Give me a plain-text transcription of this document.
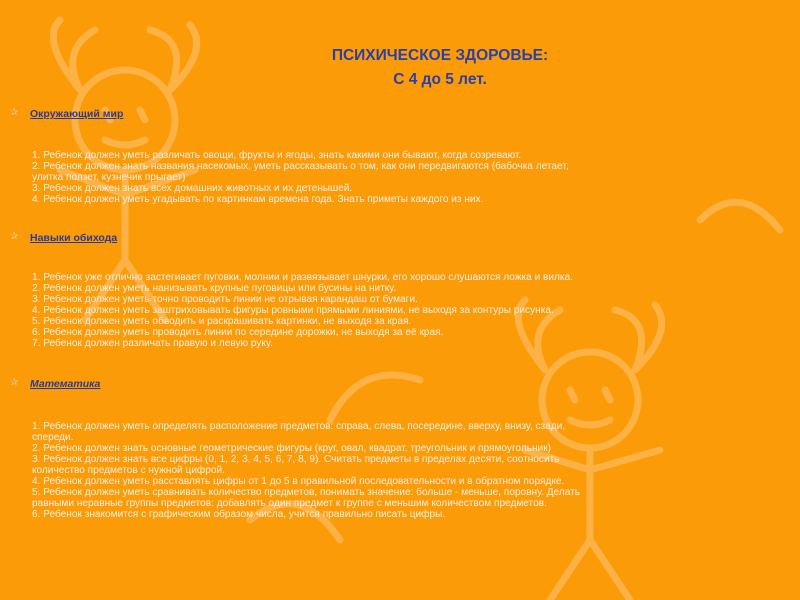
ПСИХИЧЕСКОЕ ЗДОРОВЬЕ:
С 4 до 5 лет.
✰ Окружающий мир
1. Ребенок должен уметь различать овощи, фрукты и ягоды, знать какими они бывают, когда созревают.
2. Ребенок должен знать названия насекомых, уметь рассказывать о том, как они передвигаются (бабочка летает,
улитка ползет, кузнечик прыгает)
3. Ребенок должен знать всех домашних животных и их детенышей.
4. Ребенок должен уметь угадывать по картинкам времена года. Знать приметы каждого из них.
✰ Навыки обихода
1. Ребенок уже отлично застегивает пуговки, молнии и развязывает шнурки, его хорошо слушаются ложка и вилка.
2. Ребенок должен уметь нанизывать крупные пуговицы или бусины на нитку.
3. Ребенок должен уметь точно проводить линии не отрывая карандаш от бумаги.
4. Ребенок должен уметь заштриховывать фигуры ровными прямыми линиями, не выходя за контуры рисунка.
5. Ребенок должен уметь обводить и раскрашивать картинки, не выходя за края.
6. Ребенок должен уметь проводить линии по середине дорожки, не выходя за её края.
7. Ребенок должен различать правую и левую руку.
✰ Математика
1. Ребенок должен уметь определять расположение предметов: справа, слева, посередине, вверху, внизу, сзади,
спереди.
2. Ребенок должен знать основные геометрические фигуры (круг, овал, квадрат, треугольник и прямоугольник)
3. Ребенок должен знать все цифры (0, 1, 2, 3, 4, 5, 6, 7, 8, 9). Считать предметы в пределах десяти, соотносить
количество предметов с нужной цифрой.
4. Ребенок должен уметь расставлять цифры от 1 до 5 в правильной последовательности и в обратном порядке.
5. Ребенок должен уметь сравнивать количество предметов, понимать значение: больше - меньше, поровну. Делать
равными неравные группы предметов: добавлять один предмет к группе с меньшим количеством предметов.
6. Ребенок знакомится с графическим образом числа, учится правильно писать цифры.
